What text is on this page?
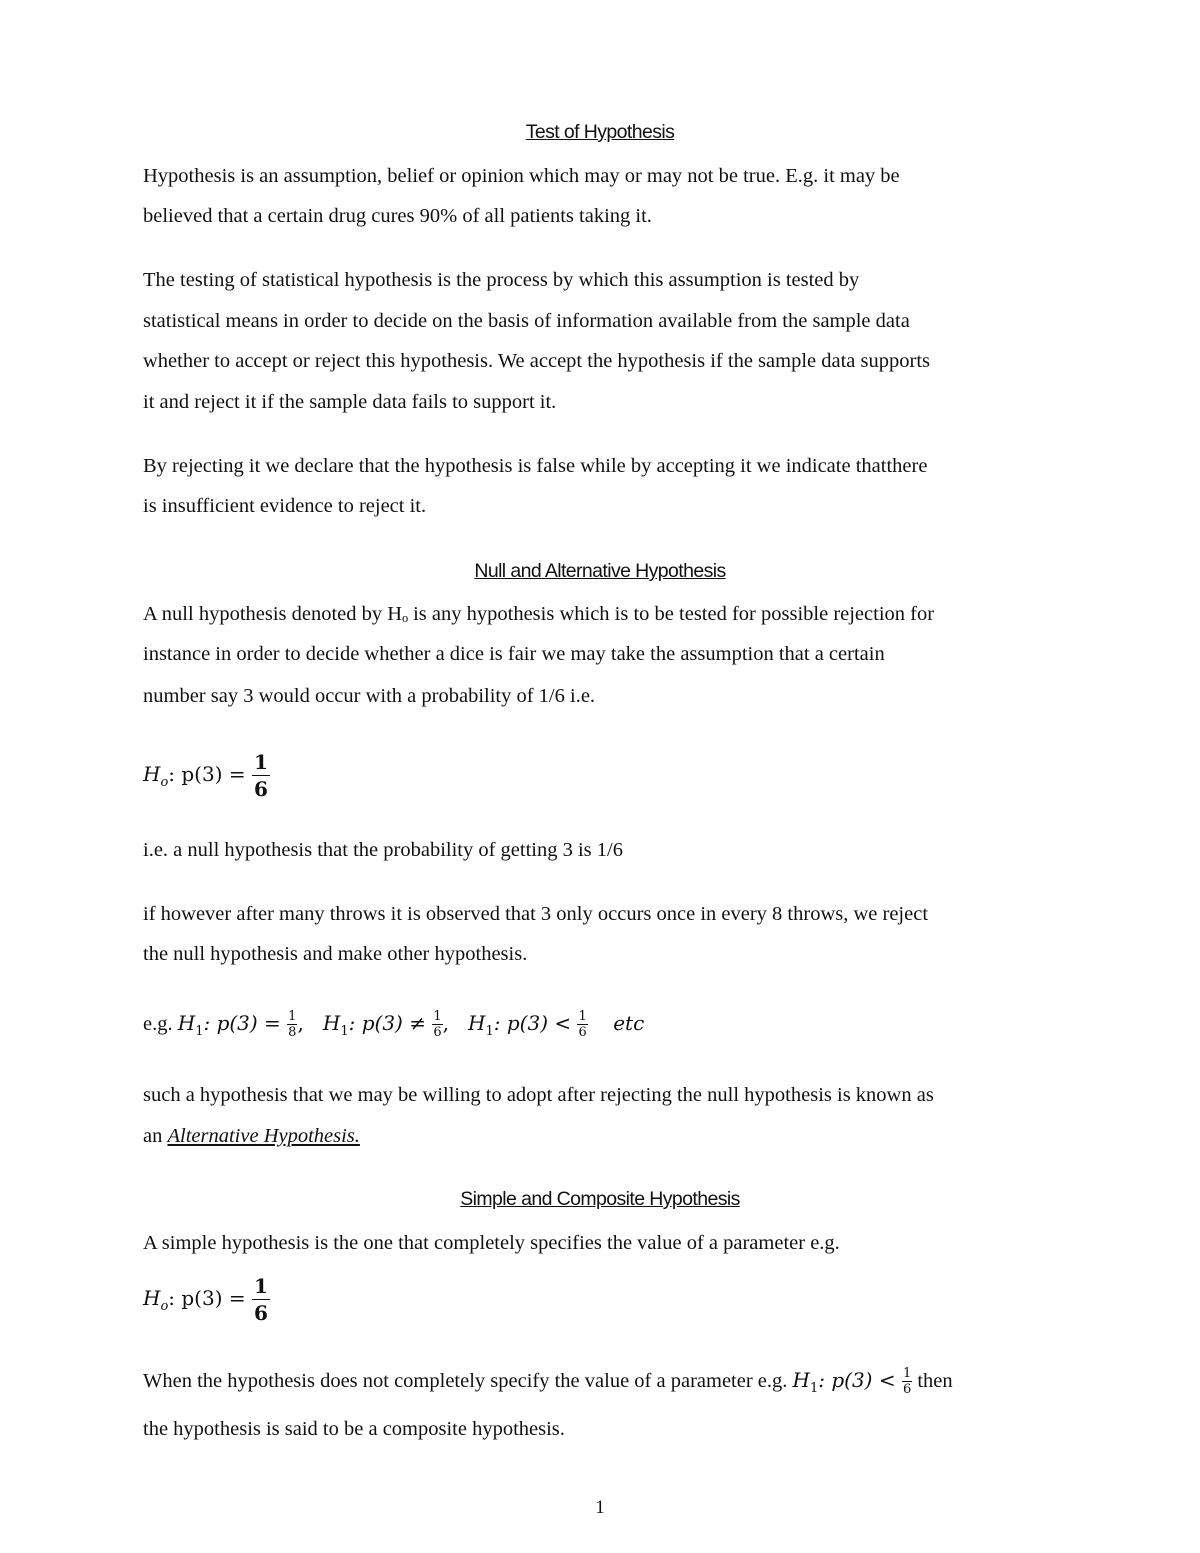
Test of Hypothesis
Hypothesis is an assumption, belief or opinion which may or may not be true. E.g. it may be
believed that a certain drug cures 90% of all patients taking it.
The testing of statistical hypothesis is the process by which this assumption is tested by
statistical means in order to decide on the basis of information available from the sample data
whether to accept or reject this hypothesis. We accept the hypothesis if the sample data supports
it and reject it if the sample data fails to support it.
By rejecting it we declare that the hypothesis is false while by accepting it we indicate thatthere
is insufficient evidence to reject it.
Null and Alternative Hypothesis
A null hypothesis denoted by Hₒ is any hypothesis which is to be tested for possible rejection for
instance in order to decide whether a dice is fair we may take the assumption that a certain
number say 3 would occur with a probability of 1/6 i.e.
$H_o$: $p(3) = \frac{1}{6}$
i.e. a null hypothesis that the probability of getting 3 is 1/6
if however after many throws it is observed that 3 only occurs once in every 8 throws, we reject
the null hypothesis and make other hypothesis.
e.g. $H_1$: $p(3) = \frac{1}{8}$ , $H_1$: $p(3) \ne \frac{1}{6}$ , $H_1$: $p(3) < \frac{1}{6}$ etc
such a hypothesis that we may be willing to adopt after rejecting the null hypothesis is known as
an Alternative Hypothesis.
Simple and Composite Hypothesis
A simple hypothesis is the one that completely specifies the value of a parameter e.g.
$H_o$: $p(3) = \frac{1}{6}$
When the hypothesis does not completely specify the value of a parameter e.g. $H_1$: $p(3) < \frac{1}{6}$ then
the hypothesis is said to be a composite hypothesis.
1
